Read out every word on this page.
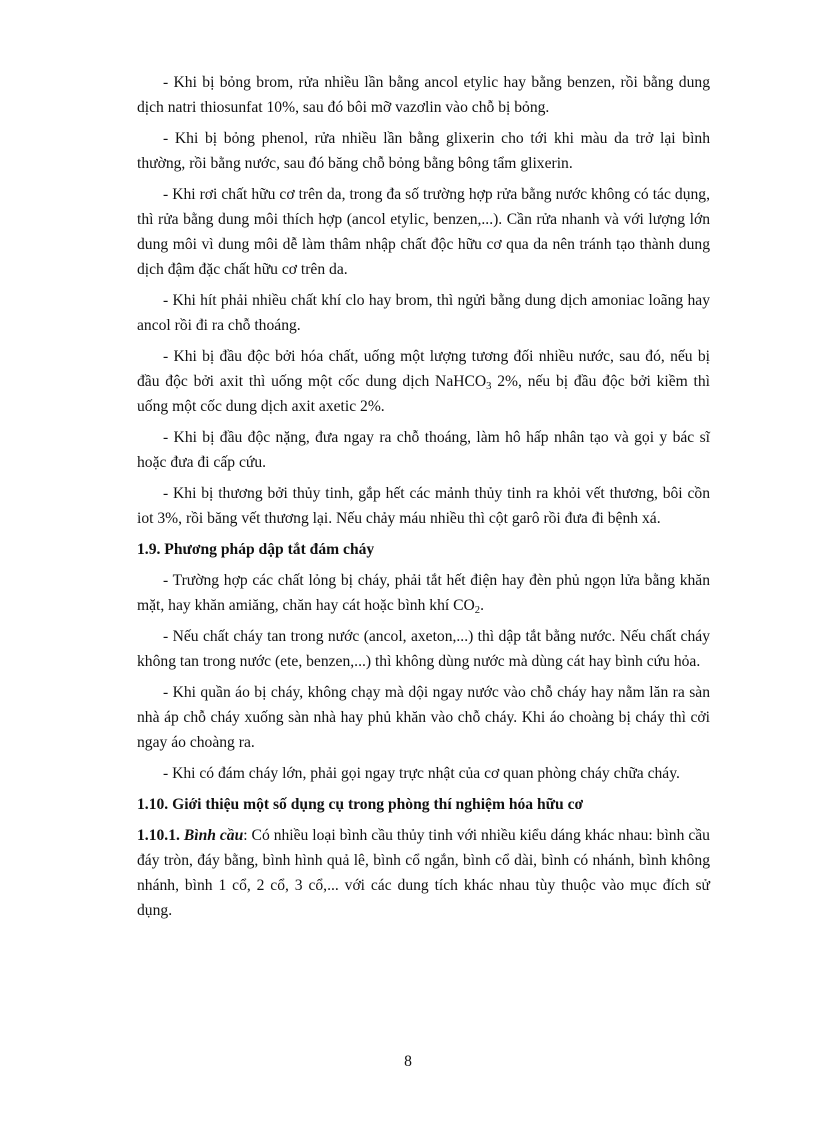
- Khi bị bỏng brom, rửa nhiều lần bằng ancol etylic hay bằng benzen, rồi bằng dung dịch natri thiosunfat 10%, sau đó bôi mỡ vazơlin vào chỗ bị bỏng.

- Khi bị bỏng phenol, rửa nhiều lần bằng glixerin cho tới khi màu da trở lại bình thường, rồi bằng nước, sau đó băng chỗ bỏng bằng bông tẩm glixerin.

- Khi rơi chất hữu cơ trên da, trong đa số trường hợp rửa bằng nước không có tác dụng, thì rửa bằng dung môi thích hợp (ancol etylic, benzen,...). Cần rửa nhanh và với lượng lớn dung môi vì dung môi dễ làm thâm nhập chất độc hữu cơ qua da nên tránh tạo thành dung dịch đậm đặc chất hữu cơ trên da.

- Khi hít phải nhiều chất khí clo hay brom, thì ngửi bằng dung dịch amoniac loãng hay ancol rồi đi ra chỗ thoáng.

- Khi bị đầu độc bởi hóa chất, uống một lượng tương đối nhiều nước, sau đó, nếu bị đầu độc bởi axit thì uống một cốc dung dịch NaHCO$_3$ 2%, nếu bị đầu độc bởi kiềm thì uống một cốc dung dịch axit axetic 2%.

- Khi bị đầu độc nặng, đưa ngay ra chỗ thoáng, làm hô hấp nhân tạo và gọi y bác sĩ hoặc đưa đi cấp cứu.

- Khi bị thương bởi thủy tinh, gắp hết các mảnh thủy tinh ra khỏi vết thương, bôi cồn iot 3%, rồi băng vết thương lại. Nếu chảy máu nhiều thì cột garô rồi đưa đi bệnh xá.

1.9. Phương pháp dập tắt đám cháy

- Trường hợp các chất lỏng bị cháy, phải tắt hết điện hay đèn phủ ngọn lửa bằng khăn mặt, hay khăn amiăng, chăn hay cát hoặc bình khí $CO_2$.

- Nếu chất cháy tan trong nước (ancol, axeton,...) thì dập tắt bằng nước. Nếu chất cháy không tan trong nước (ete, benzen,...) thì không dùng nước mà dùng cát hay bình cứu hỏa.

- Khi quần áo bị cháy, không chạy mà dội ngay nước vào chỗ cháy hay nằm lăn ra sàn nhà áp chỗ cháy xuống sàn nhà hay phủ khăn vào chỗ cháy. Khi áo choàng bị cháy thì cởi ngay áo choàng ra.

- Khi có đám cháy lớn, phải gọi ngay trực nhật của cơ quan phòng cháy chữa cháy.

1.10. Giới thiệu một số dụng cụ trong phòng thí nghiệm hóa hữu cơ

1.10.1. Bình cầu: Có nhiều loại bình cầu thủy tinh với nhiều kiểu dáng khác nhau: bình cầu đáy tròn, đáy bằng, bình hình quả lê, bình cổ ngắn, bình cổ dài, bình có nhánh, bình không nhánh, bình 1 cổ, 2 cổ, 3 cổ,... với các dung tích khác nhau tùy thuộc vào mục đích sử dụng.

8
